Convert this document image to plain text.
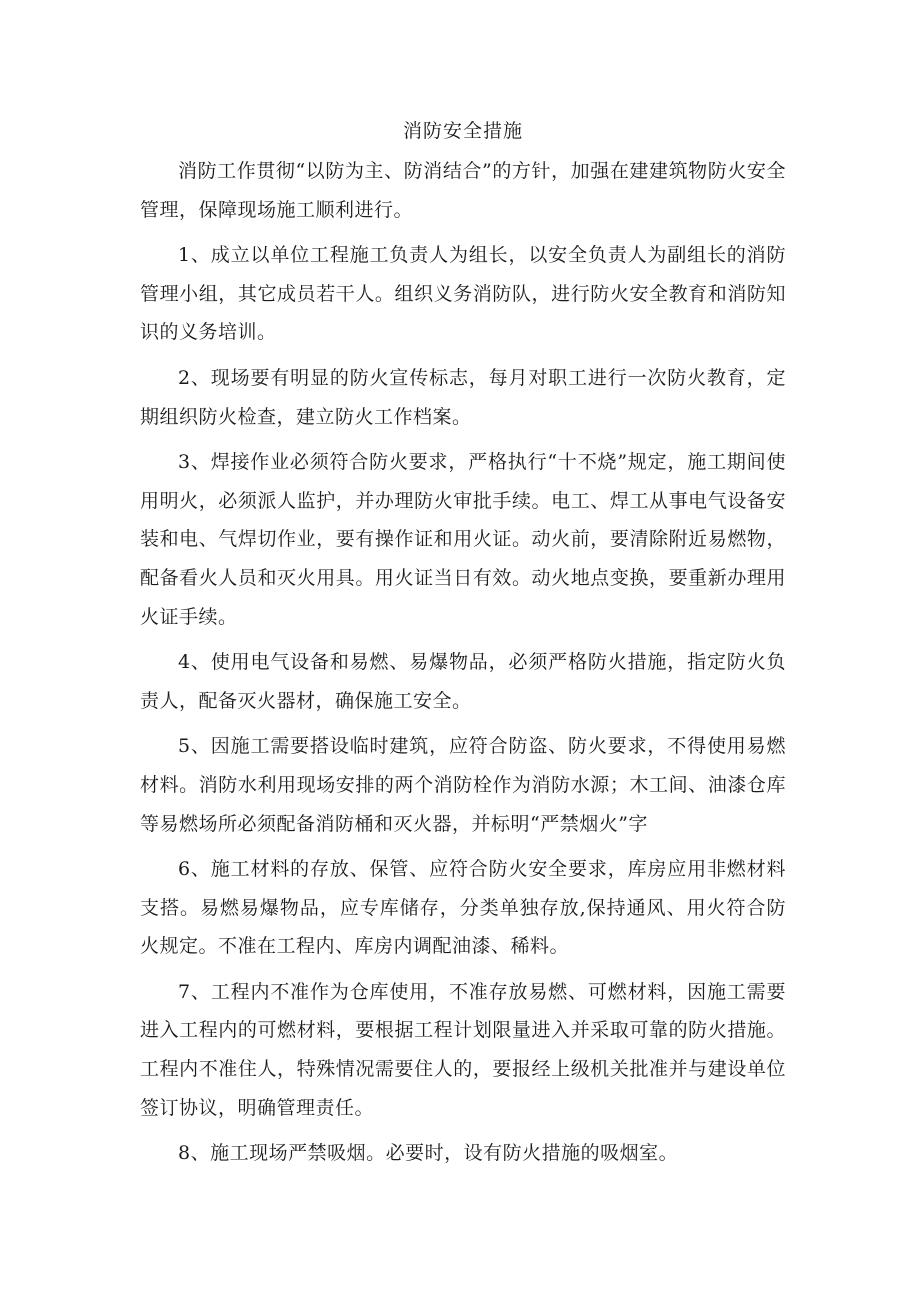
消防安全措施

消防工作贯彻“以防为主、防消结合”的方针，加强在建建筑物防火安全管理，保障现场施工顺利进行。

1、成立以单位工程施工负责人为组长，以安全负责人为副组长的消防管理小组，其它成员若干人。组织义务消防队，进行防火安全教育和消防知识的义务培训。

2、现场要有明显的防火宣传标志，每月对职工进行一次防火教育，定期组织防火检查，建立防火工作档案。

3、焊接作业必须符合防火要求，严格执行“十不烧”规定，施工期间使用明火，必须派人监护，并办理防火审批手续。电工、焊工从事电气设备安装和电、气焊切作业，要有操作证和用火证。动火前，要清除附近易燃物，配备看火人员和灭火用具。用火证当日有效。动火地点变换，要重新办理用火证手续。

4、使用电气设备和易燃、易爆物品，必须严格防火措施，指定防火负责人，配备灭火器材，确保施工安全。

5、因施工需要搭设临时建筑，应符合防盗、防火要求，不得使用易燃材料。消防水利用现场安排的两个消防栓作为消防水源；木工间、油漆仓库等易燃场所必须配备消防桶和灭火器，并标明“严禁烟火”字

6、施工材料的存放、保管、应符合防火安全要求，库房应用非燃材料支搭。易燃易爆物品，应专库储存，分类单独存放,保持通风、用火符合防火规定。不准在工程内、库房内调配油漆、稀料。

7、工程内不准作为仓库使用，不准存放易燃、可燃材料，因施工需要进入工程内的可燃材料，要根据工程计划限量进入并采取可靠的防火措施。工程内不准住人，特殊情况需要住人的，要报经上级机关批准并与建设单位签订协议，明确管理责任。

8、施工现场严禁吸烟。必要时，设有防火措施的吸烟室。
